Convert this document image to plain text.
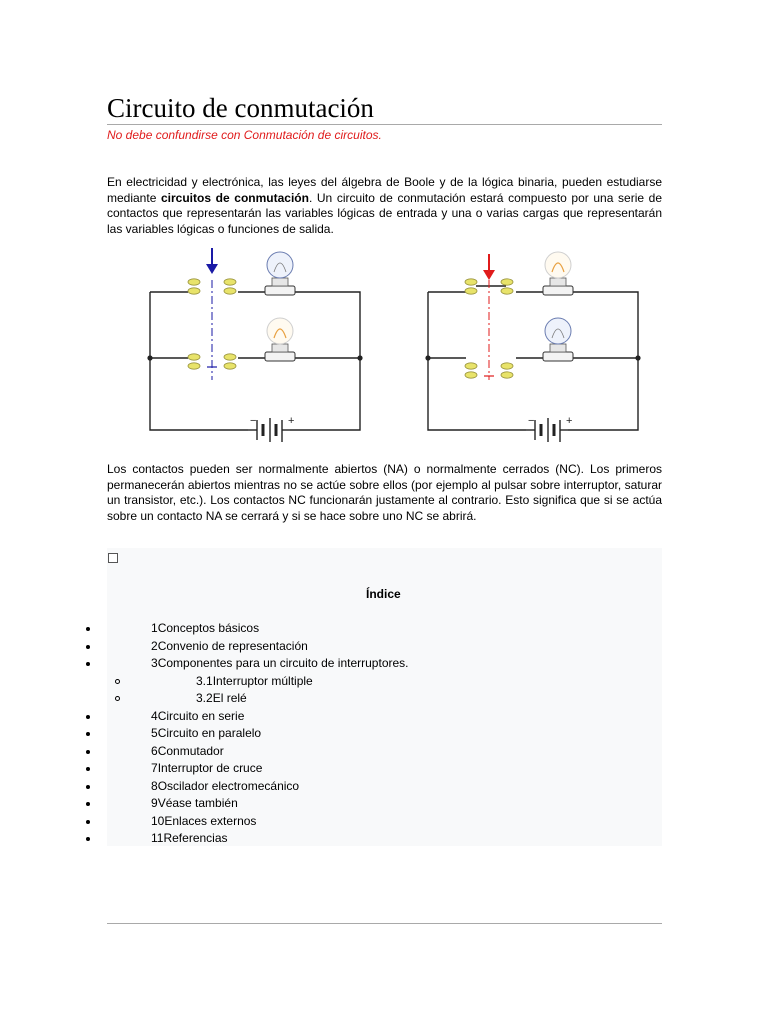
Circuito de conmutación
No debe confundirse con Conmutación de circuitos.

En electricidad y electrónica, las leyes del álgebra de Boole y de la lógica binaria, pueden estudiarse mediante circuitos de conmutación. Un circuito de conmutación estará compuesto por una serie de contactos que representarán las variables lógicas de entrada y una o varias cargas que representarán las variables lógicas o funciones de salida.

−	+	−	+

Los contactos pueden ser normalmente abiertos (NA) o normalmente cerrados (NC). Los primeros permanecerán abiertos mientras no se actúe sobre ellos (por ejemplo al pulsar sobre interruptor, saturar un transistor, etc.). Los contactos NC funcionarán justamente al contrario. Esto significa que si se actúa sobre un contacto NA se cerrará y si se hace sobre uno NC se abrirá.

Índice
1Conceptos básicos
2Convenio de representación
3Componentes para un circuito de interruptores.
3.1Interruptor múltiple
3.2El relé
4Circuito en serie
5Circuito en paralelo
6Conmutador
7Interruptor de cruce
8Oscilador electromecánico
9Véase también
10Enlaces externos
11Referencias
